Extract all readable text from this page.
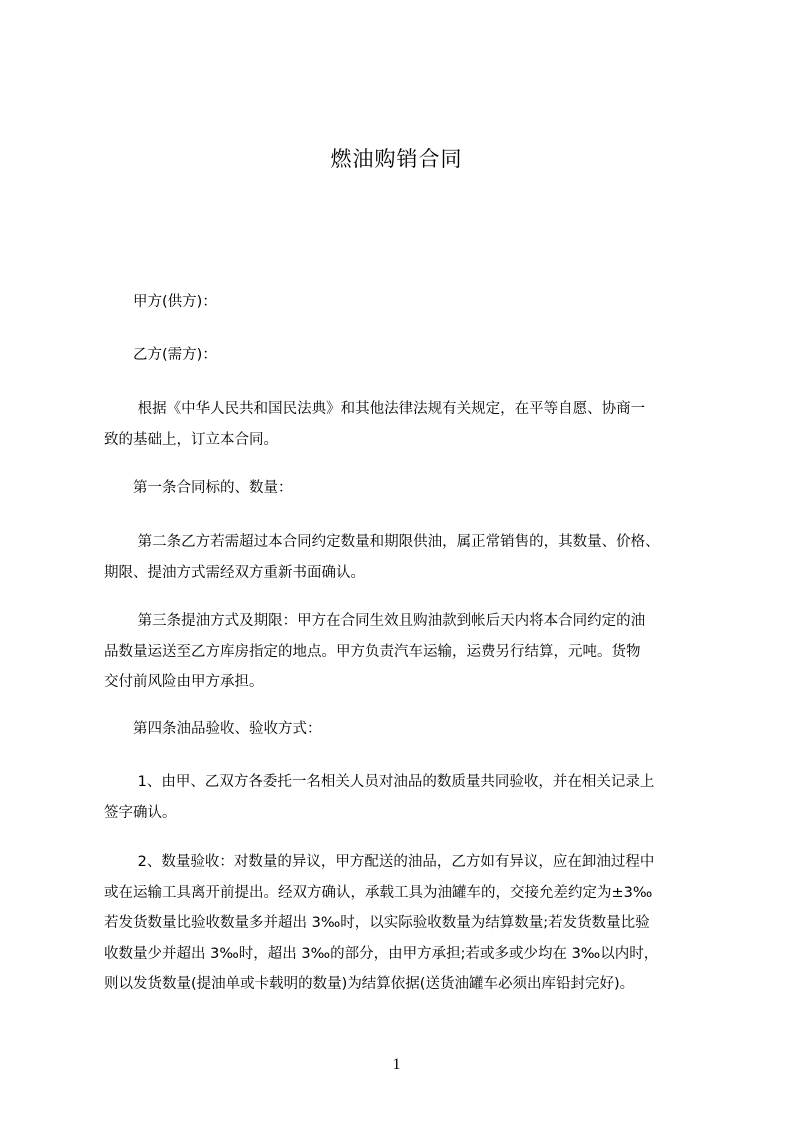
燃油购销合同
　　甲方(供方)：
　　乙方(需方)：
　　 根据《中华人民共和国民法典》和其他法律法规有关规定，在平等自愿、协商一
致的基础上，订立本合同。
　　第一条合同标的、数量：
　　 第二条乙方若需超过本合同约定数量和期限供油，属正常销售的，其数量、价格、
期限、提油方式需经双方重新书面确认。
　　 第三条提油方式及期限：甲方在合同生效且购油款到帐后天内将本合同约定的油
品数量运送至乙方库房指定的地点。甲方负责汽车运输，运费另行结算，元吨。货物
交付前风险由甲方承担。
　　第四条油品验收、验收方式：
　　 1、由甲、乙双方各委托一名相关人员对油品的数质量共同验收，并在相关记录上
签字确认。
　　 2、数量验收：对数量的异议，甲方配送的油品，乙方如有异议，应在卸油过程中
或在运输工具离开前提出。经双方确认，承载工具为油罐车的，交接允差约定为±3‰
若发货数量比验收数量多并超出 3‰时，以实际验收数量为结算数量;若发货数量比验
收数量少并超出 3‰时，超出 3‰的部分，由甲方承担;若或多或少均在 3‰以内时，
则以发货数量(提油单或卡载明的数量)为结算依据(送货油罐车必须出库铅封完好)。
1
